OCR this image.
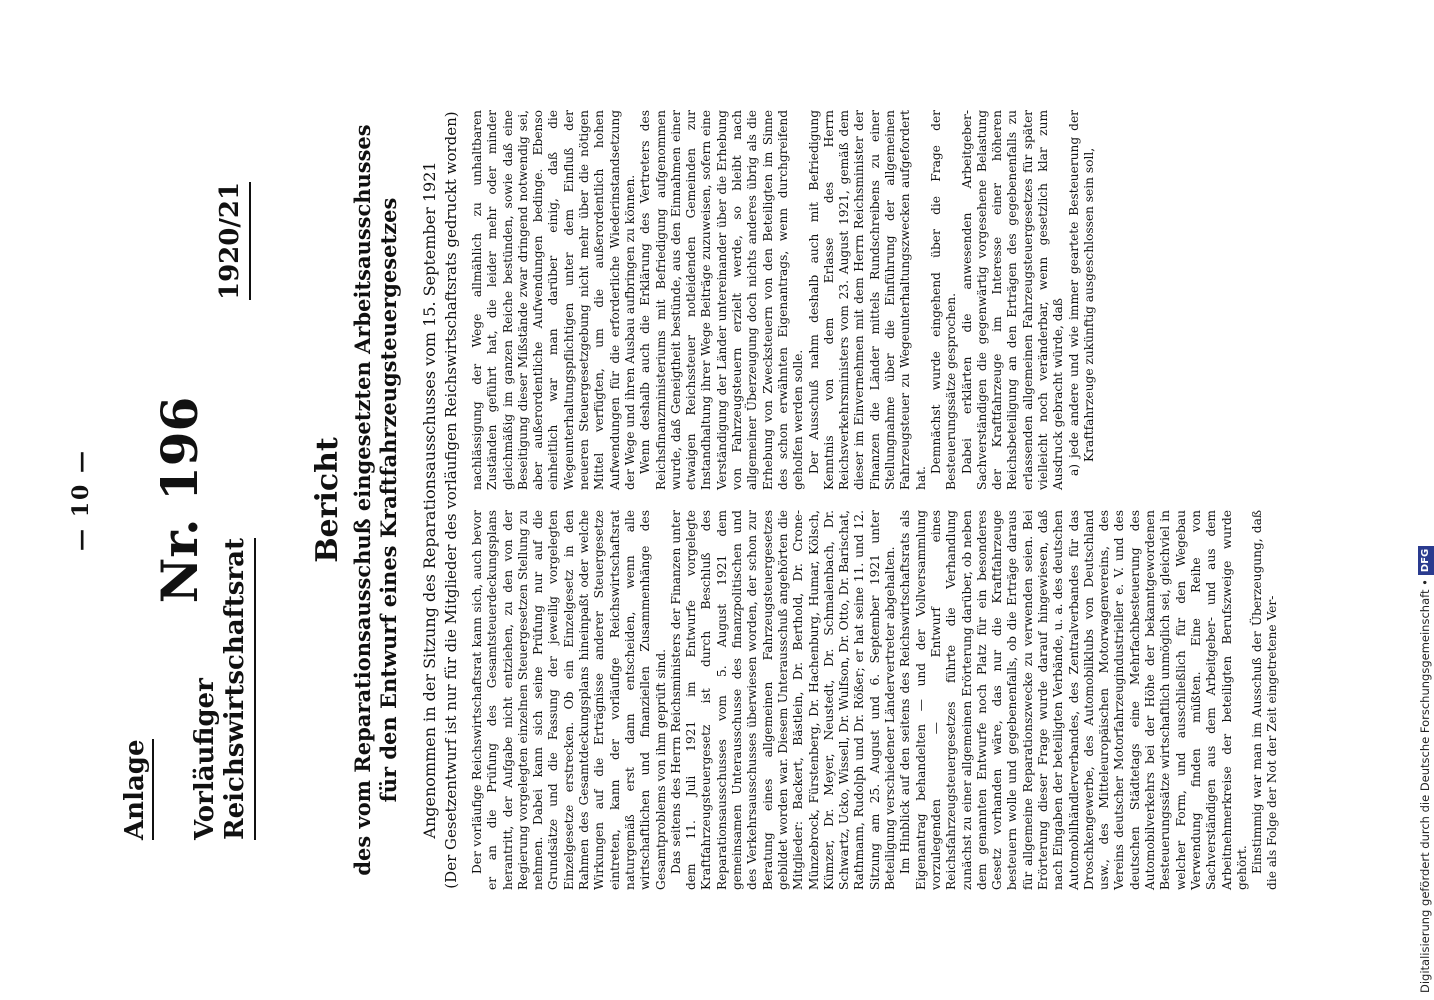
— 10 —
Anlage
Nr. 196
Vorläufiger Reichswirtschaftsrat
1920/21
Bericht des vom Reparationsausschuß eingesetzten Arbeitsausschusses für den Entwurf eines Kraftfahrzeugsteuergesetzes Angenommen in der Sitzung des Reparationsausschusses vom 15. September 1921 (Der Gesetzentwurf ist nur für die Mitglieder des vorläufigen Reichswirtschaftsrats gedruckt worden) Der vorläufige Reichswirtschaftsrat kann sich, auch bevor er an die Prüfung des Gesamtsteuerdeckungsplans herantritt, der Aufgabe nicht entziehen, zu den von der Regierung vorgelegten einzelnen Steuergesetzen Stellung zu nehmen. Dabei kann sich seine Prüfung nur auf die Grundsätze und die Fassung der jeweilig vorgelegten Einzelgesetze erstrecken. Ob ein Einzelgesetz in den Rahmen des Gesamtdeckungsplans hineinpaßt oder welche Wirkungen auf die Erträgnisse anderer Steuergesetze eintreten, kann der vorläufige Reichswirtschaftsrat naturgemäß erst dann entscheiden, wenn alle wirtschaftlichen und finanziellen Zusammenhänge des Gesamtproblems von ihm geprüft sind. Das seitens des Herrn Reichsministers der Finanzen unter dem 11. Juli 1921 im Entwurfe vorgelegte Kraftfahrzeugsteuergesetz ist durch Beschluß des Reparationsausschusses vom 5. August 1921 dem gemeinsamen Unterausschusse des finanzpolitischen und des Verkehrsausschusses überwiesen worden, der schon zur Beratung eines allgemeinen Fahrzeugsteuergesetzes gebildet worden war. Diesem Unterausschuß angehörten die Mitglieder: Backert, Bästlein, Dr. Berthold, Dr. Crone-Münzebrock, Fürstenberg, Dr. Hachenburg, Humar, Kölsch, Kümzer, Dr. Meyer, Neustedt, Dr. Schmalenbach, Dr. Schwartz, Ucko, Wissell, Dr. Wulfson, Dr. Otto, Dr. Barischat, Rathmann, Rudolph und Dr. Rößer; er hat seine 11. und 12. Sitzung am 25. August und 6. September 1921 unter Beteiligung verschiedener Ländervertreter abgehalten. Im Hinblick auf den seitens des Reichswirtschaftsrats als Eigenantrag behandelten — und der Vollversammlung vorzulegenden — Entwurf eines Reichsfahrzeugsteuergesetzes führte die Verhandlung zunächst zu einer allgemeinen Erörterung darüber, ob neben dem genannten Entwurfe noch Platz für ein besonderes Gesetz vorhanden wäre, das nur die Kraftfahrzeuge besteuern wolle und gegebenenfalls, ob die Erträge daraus für allgemeine Reparationszwecke zu verwenden seien. Bei Erörterung dieser Frage wurde darauf hingewiesen, daß nach Eingaben der beteiligten Verbände, u. a. des deutschen Automobilhändlerverbandes, des Zentralverbandes für das Droschkengewerbe, des Automobilklubs von Deutschland usw., des Mitteleuropäischen Motorwagenvereins, des Vereins deutscher Motorfahrzeugindustrieller e. V. und des deutschen Städtetags eine Mehrfachbesteuerung des Automobilverkehrs bei der Höhe der bekanntgewordenen Besteuerungssätze wirtschaftlich unmöglich sei, gleichviel in welcher Form, und ausschließlich für den Wegebau Verwendung finden müßten. Eine Reihe von Sachverständigen aus dem Arbeitgeber- und aus dem Arbeitnehmerkreise der beteiligten Berufszweige wurde gehört. Einstimmig war man im Ausschuß der Überzeugung, daß die als Folge der Not der Zeit eingetretene Ver-

nachlässigung der Wege allmählich zu unhaltbaren Zuständen geführt hat, die leider mehr oder minder gleichmäßig im ganzen Reiche bestünden, sowie daß eine Beseitigung dieser Mißstände zwar dringend notwendig sei, aber außerordentliche Aufwendungen bedinge. Ebenso einheitlich war man darüber einig, daß die Wegeunterhaltungspflichtigen unter dem Einfluß der neueren Steuergesetzgebung nicht mehr über die nötigen Mittel verfügten, um die außerordentlich hohen Aufwendungen für die erforderliche Wiederinstandsetzung der Wege und ihren Ausbau aufbringen zu können. Wenn deshalb auch die Erklärung des Vertreters des Reichsfinanzministeriums mit Befriedigung aufgenommen wurde, daß Geneigtheit bestünde, aus den Einnahmen einer etwaigen Reichssteuer notleidenden Gemeinden zur Instandhaltung ihrer Wege Beiträge zuzuweisen, sofern eine Verständigung der Länder untereinander über die Erhebung von Fahrzeugsteuern erzielt werde, so bleibt nach allgemeiner Überzeugung doch nichts anderes übrig als die Erhebung von Zwecksteuern von den Beteiligten im Sinne des schon erwähnten Eigenantrags, wenn durchgreifend geholfen werden solle. Der Ausschuß nahm deshalb auch mit Befriedigung Kenntnis von dem Erlasse des Herrn Reichsverkehrsministers vom 23. August 1921, gemäß dem dieser im Einvernehmen mit dem Herrn Reichsminister der Finanzen die Länder mittels Rundschreibens zu einer Stellungnahme über die Einführung der allgemeinen Fahrzeugsteuer zu Wegeunterhaltungszwecken aufgefordert hat.

Demnächst wurde eingehend über die Frage der Besteuerungssätze gesprochen. Dabei erklärten die anwesenden Arbeitgeber-Sachverständigen die gegenwärtig vorgesehene Belastung der Kraftfahrzeuge im Interesse einer höheren Reichsbeteiligung an den Erträgen des gegebenenfalls zu erlassenden allgemeinen Fahrzeugsteuergesetzes für später vielleicht noch veränderbar, wenn gesetzlich klar zum Ausdruck gebracht würde, daß a) jede andere und wie immer geartete Besteuerung der Kraftfahrzeuge zukünftig ausgeschlossen sein soll,

Digitalisierung gefördert durch die Deutsche Forschungsgemeinschaft •DFG
